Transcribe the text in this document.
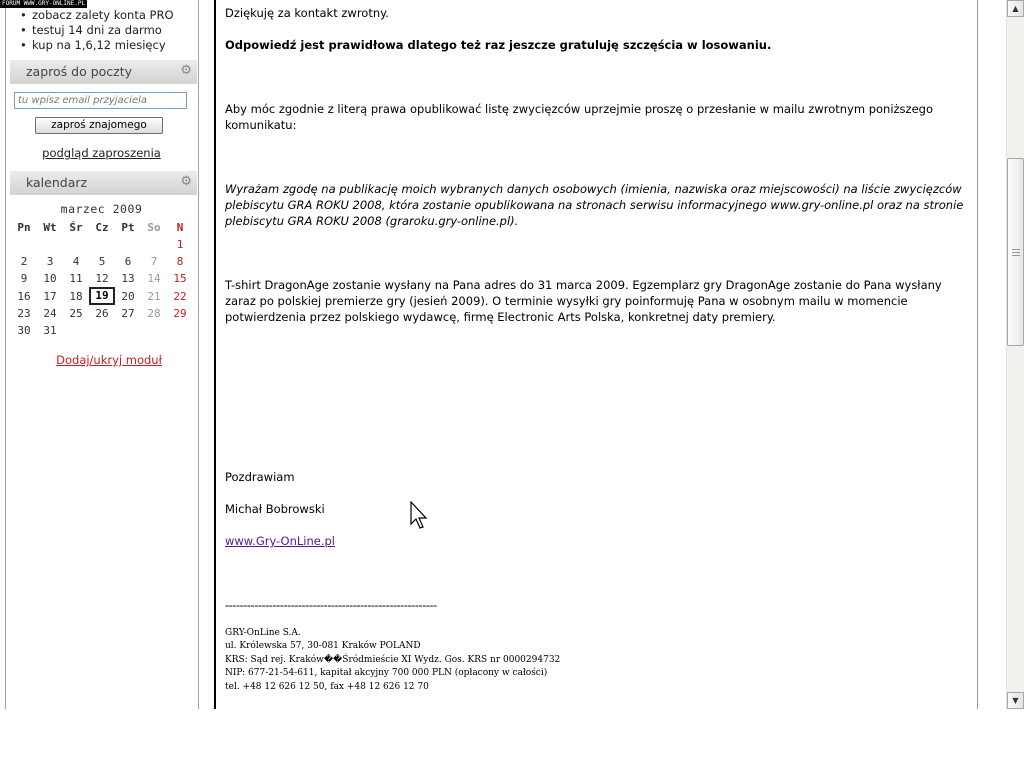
FORUM WWW.GRY-ONLINE.PL
• zobacz zalety konta PRO
• testuj 14 dni za darmo
• kup na 1,6,12 miesięcy
zaproś do poczty	⚙
tu wpisz email przyjaciela
zaproś znajomego
podgląd zaproszenia
kalendarz	⚙
marzec 2009
Pn	Wt	Śr	Cz	Pt	So	N
						1
2	3	4	5	6	7	8
9	10	11	12	13	14	15
16	17	18	19	20	21	22
23	24	25	26	27	28	29
30	31					
Dodaj/ukryj moduł

Dziękuję za kontakt zwrotny.

Odpowiedź jest prawidłowa dlatego też raz jeszcze gratuluję szczęścia w losowaniu.

Aby móc zgodnie z literą prawa opublikować listę zwycięzców uprzejmie proszę o przesłanie w mailu zwrotnym poniższego komunikatu:

Wyrażam zgodę na publikację moich wybranych danych osobowych (imienia, nazwiska oraz miejscowości) na liście zwycięzców plebiscytu GRA ROKU 2008, która zostanie opublikowana na stronach serwisu informacyjnego www.gry-online.pl oraz na stronie plebiscytu GRA ROKU 2008 (graroku.gry-online.pl).

T-shirt DragonAge zostanie wysłany na Pana adres do 31 marca 2009. Egzemplarz gry DragonAge zostanie do Pana wysłany zaraz po polskiej premierze gry (jesień 2009). O terminie wysyłki gry poinformuję Pana w osobnym mailu w momencie potwierdzenia przez polskiego wydawcę, firmę Electronic Arts Polska, konkretnej daty premiery.

Pozdrawiam

Michał Bobrowski

www.Gry-OnLine.pl

----------------------------------------------------------

GRY-OnLine S.A.
ul. Królewska 57, 30-081 Kraków POLAND
KRS: Sąd rej. Kraków��Śródmieście XI Wydz. Gos. KRS nr 0000294732
NIP: 677-21-54-611, kapitał akcyjny 700 000 PLN (opłacony w całości)
tel. +48 12 626 12 50, fax +48 12 626 12 70
▲
▼
